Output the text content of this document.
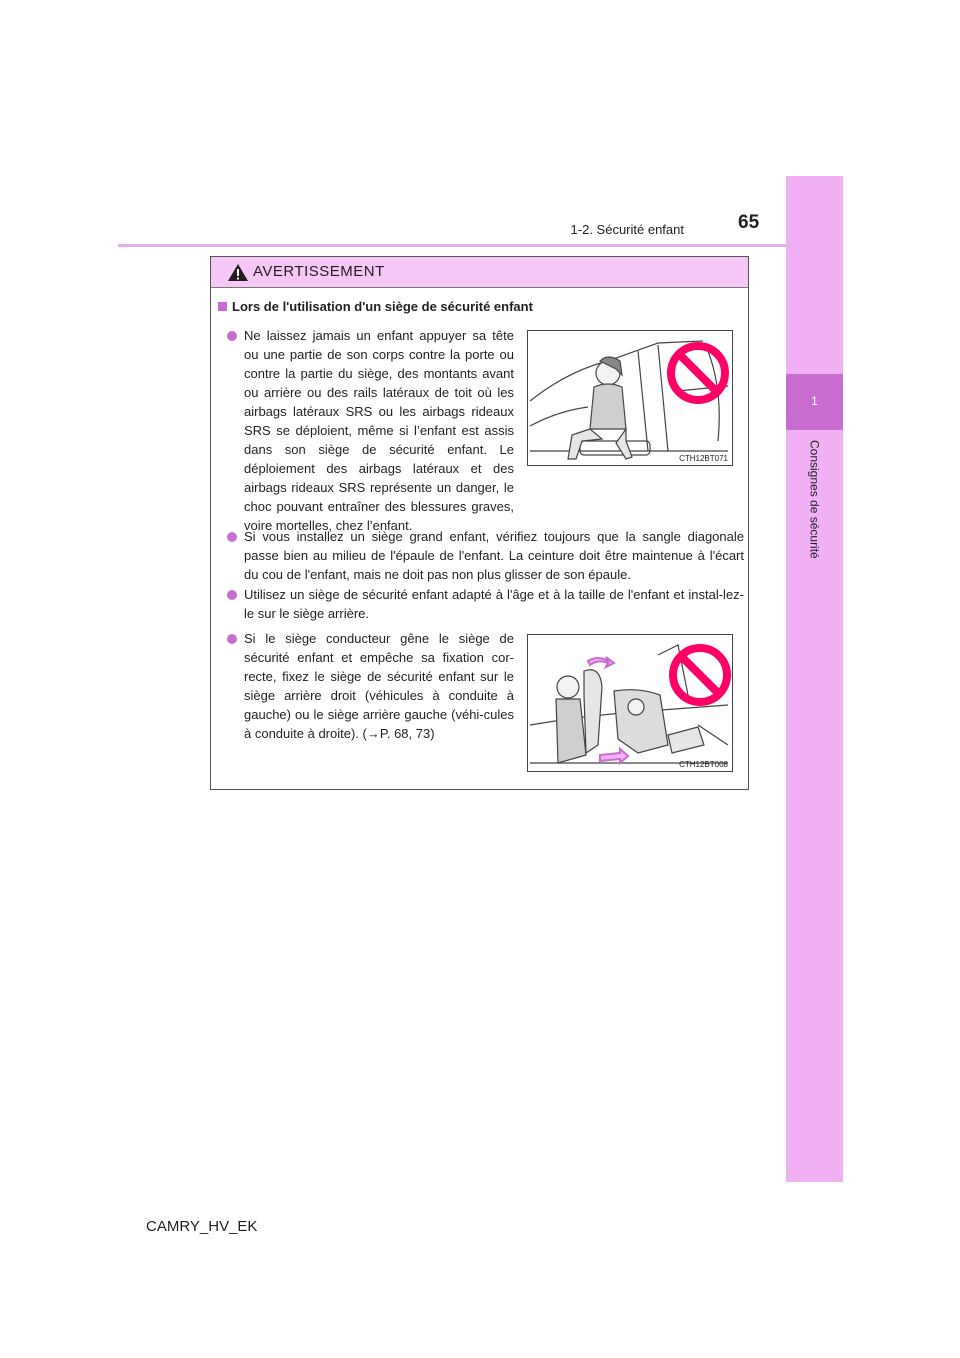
65
1-2. Sécurité enfant
1
Consignes de sécurité
AVERTISSEMENT
Lors de l'utilisation d'un siège de sécurité enfant
Ne laissez jamais un enfant appuyer sa tête ou une partie de son corps contre la porte ou contre la partie du siège, des montants avant ou arrière ou des rails latéraux de toit où les airbags latéraux SRS ou les airbags rideaux SRS se déploient, même si l’enfant est assis dans son siège de sécurité enfant. Le déploiement des airbags latéraux et des airbags rideaux SRS représente un danger, le choc pouvant entraîner des blessures graves, voire mortelles, chez l’enfant.
CTH12BT071
Si vous installez un siège grand enfant, vérifiez toujours que la sangle diagonale passe bien au milieu de l'épaule de l'enfant. La ceinture doit être maintenue à l'écart du cou de l'enfant, mais ne doit pas non plus glisser de son épaule.
Utilisez un siège de sécurité enfant adapté à l'âge et à la taille de l'enfant et instal-lez-le sur le siège arrière.
Si le siège conducteur gêne le siège de sécurité enfant et empêche sa fixation cor-recte, fixez le siège de sécurité enfant sur le siège arrière droit (véhicules à conduite à gauche) ou le siège arrière gauche (véhi-cules à conduite à droite). (→P. 68, 73)
CTH12BT008
CAMRY_HV_EK
